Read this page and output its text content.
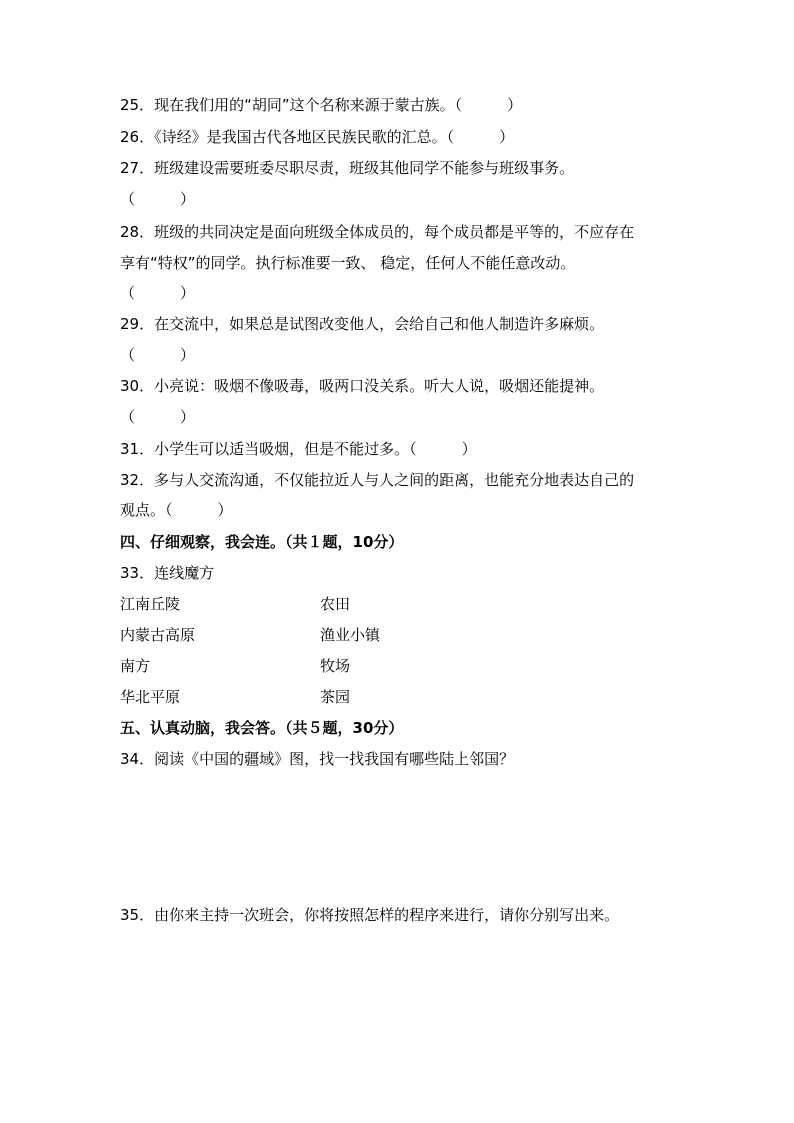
25．现在我们用的“胡同”这个名称来源于蒙古族。（　　　）
26．《诗经》是我国古代各地区民族民歌的汇总。（　　　）
27．班级建设需要班委尽职尽责，班级其他同学不能参与班级事务。
（　　　）
28．班级的共同决定是面向班级全体成员的，每个成员都是平等的，不应存在
享有“特权”的同学。执行标准要一致、 稳定，任何人不能任意改动。
（　　　）
29．在交流中，如果总是试图改变他人，会给自己和他人制造许多麻烦。
（　　　）
30．小亮说：吸烟不像吸毒，吸两口没关系。听大人说，吸烟还能提神。
（　　　）
31．小学生可以适当吸烟，但是不能过多。（　　　）
32．多与人交流沟通，不仅能拉近人与人之间的距离，也能充分地表达自己的
观点。（　　　）
四、仔细观察，我会连。（共１题，10分）
33．连线魔方
江南丘陵	农田
内蒙古高原	渔业小镇
南方	牧场
华北平原	茶园
五、认真动脑，我会答。（共５题，30分）
34．阅读《中国的疆域》图，找一找我国有哪些陆上邻国？
35．由你来主持一次班会，你将按照怎样的程序来进行，请你分别写出来。
